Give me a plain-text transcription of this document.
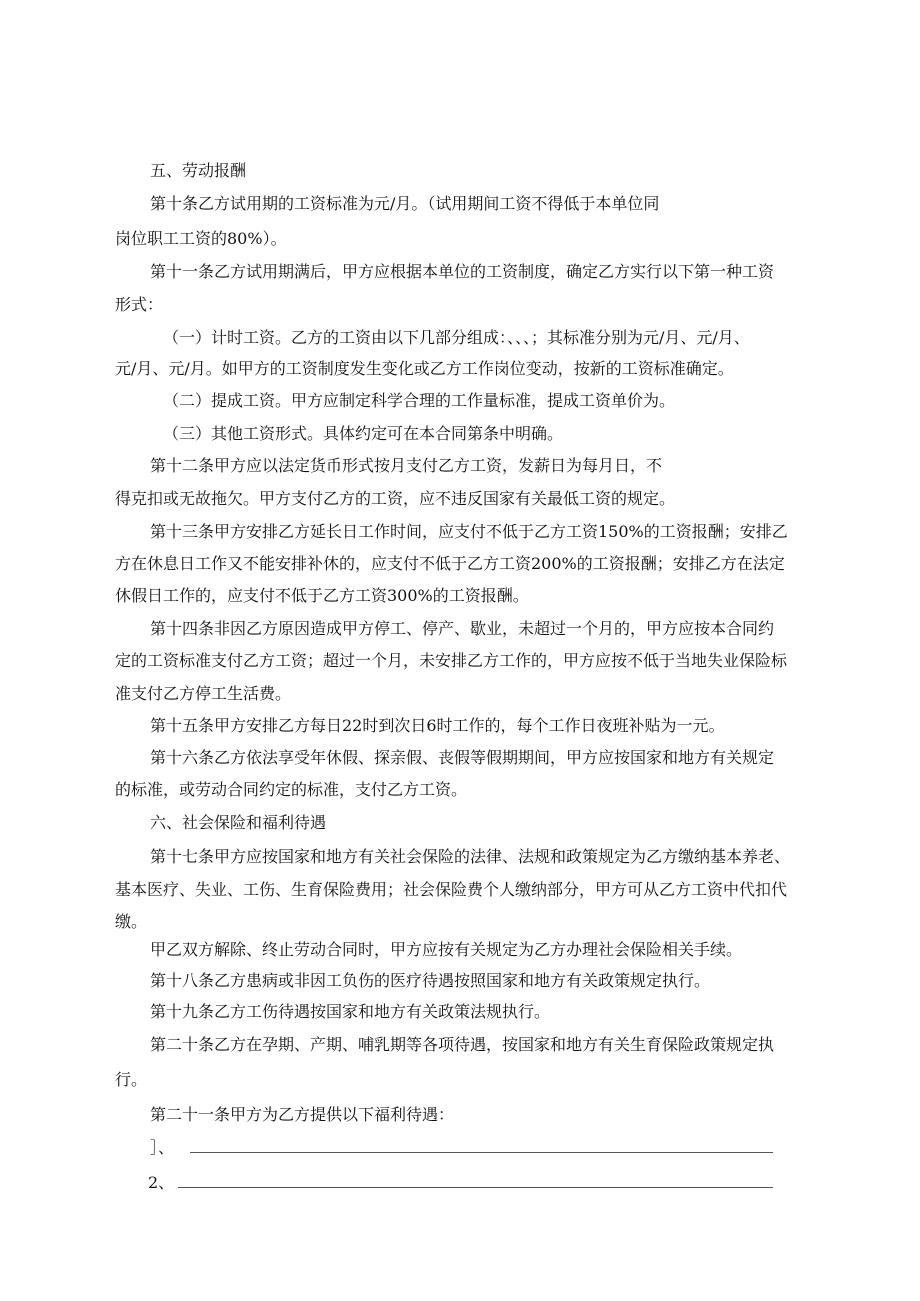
五、劳动报酬
第十条乙方试用期的工资标准为元/月。（试用期间工资不得低于本单位同
岗位职工工资的80%）。
第十一条乙方试用期满后，甲方应根据本单位的工资制度，确定乙方实行以下第一种工资
形式：
（一）计时工资。乙方的工资由以下几部分组成：、、、；其标准分别为元/月、元/月、
元/月、元/月。如甲方的工资制度发生变化或乙方工作岗位变动，按新的工资标准确定。
（二）提成工资。甲方应制定科学合理的工作量标准，提成工资单价为。
（三）其他工资形式。具体约定可在本合同第条中明确。
第十二条甲方应以法定货币形式按月支付乙方工资，发薪日为每月日，不
得克扣或无故拖欠。甲方支付乙方的工资，应不违反国家有关最低工资的规定。
第十三条甲方安排乙方延长日工作时间，应支付不低于乙方工资150%的工资报酬；安排乙
方在休息日工作又不能安排补休的，应支付不低于乙方工资200%的工资报酬；安排乙方在法定
休假日工作的，应支付不低于乙方工资300%的工资报酬。
第十四条非因乙方原因造成甲方停工、停产、歇业，未超过一个月的，甲方应按本合同约
定的工资标准支付乙方工资；超过一个月，未安排乙方工作的，甲方应按不低于当地失业保险标
准支付乙方停工生活费。
第十五条甲方安排乙方每日22时到次日6时工作的，每个工作日夜班补贴为一元。
第十六条乙方依法享受年休假、探亲假、丧假等假期期间，甲方应按国家和地方有关规定
的标准，或劳动合同约定的标准，支付乙方工资。
六、社会保险和福利待遇
第十七条甲方应按国家和地方有关社会保险的法律、法规和政策规定为乙方缴纳基本养老、
基本医疗、失业、工伤、生育保险费用；社会保险费个人缴纳部分，甲方可从乙方工资中代扣代
缴。
甲乙双方解除、终止劳动合同时，甲方应按有关规定为乙方办理社会保险相关手续。
第十八条乙方患病或非因工负伤的医疗待遇按照国家和地方有关政策规定执行。
第十九条乙方工伤待遇按国家和地方有关政策法规执行。
第二十条乙方在孕期、产期、哺乳期等各项待遇，按国家和地方有关生育保险政策规定执
行。
第二十一条甲方为乙方提供以下福利待遇：
］、
2、
